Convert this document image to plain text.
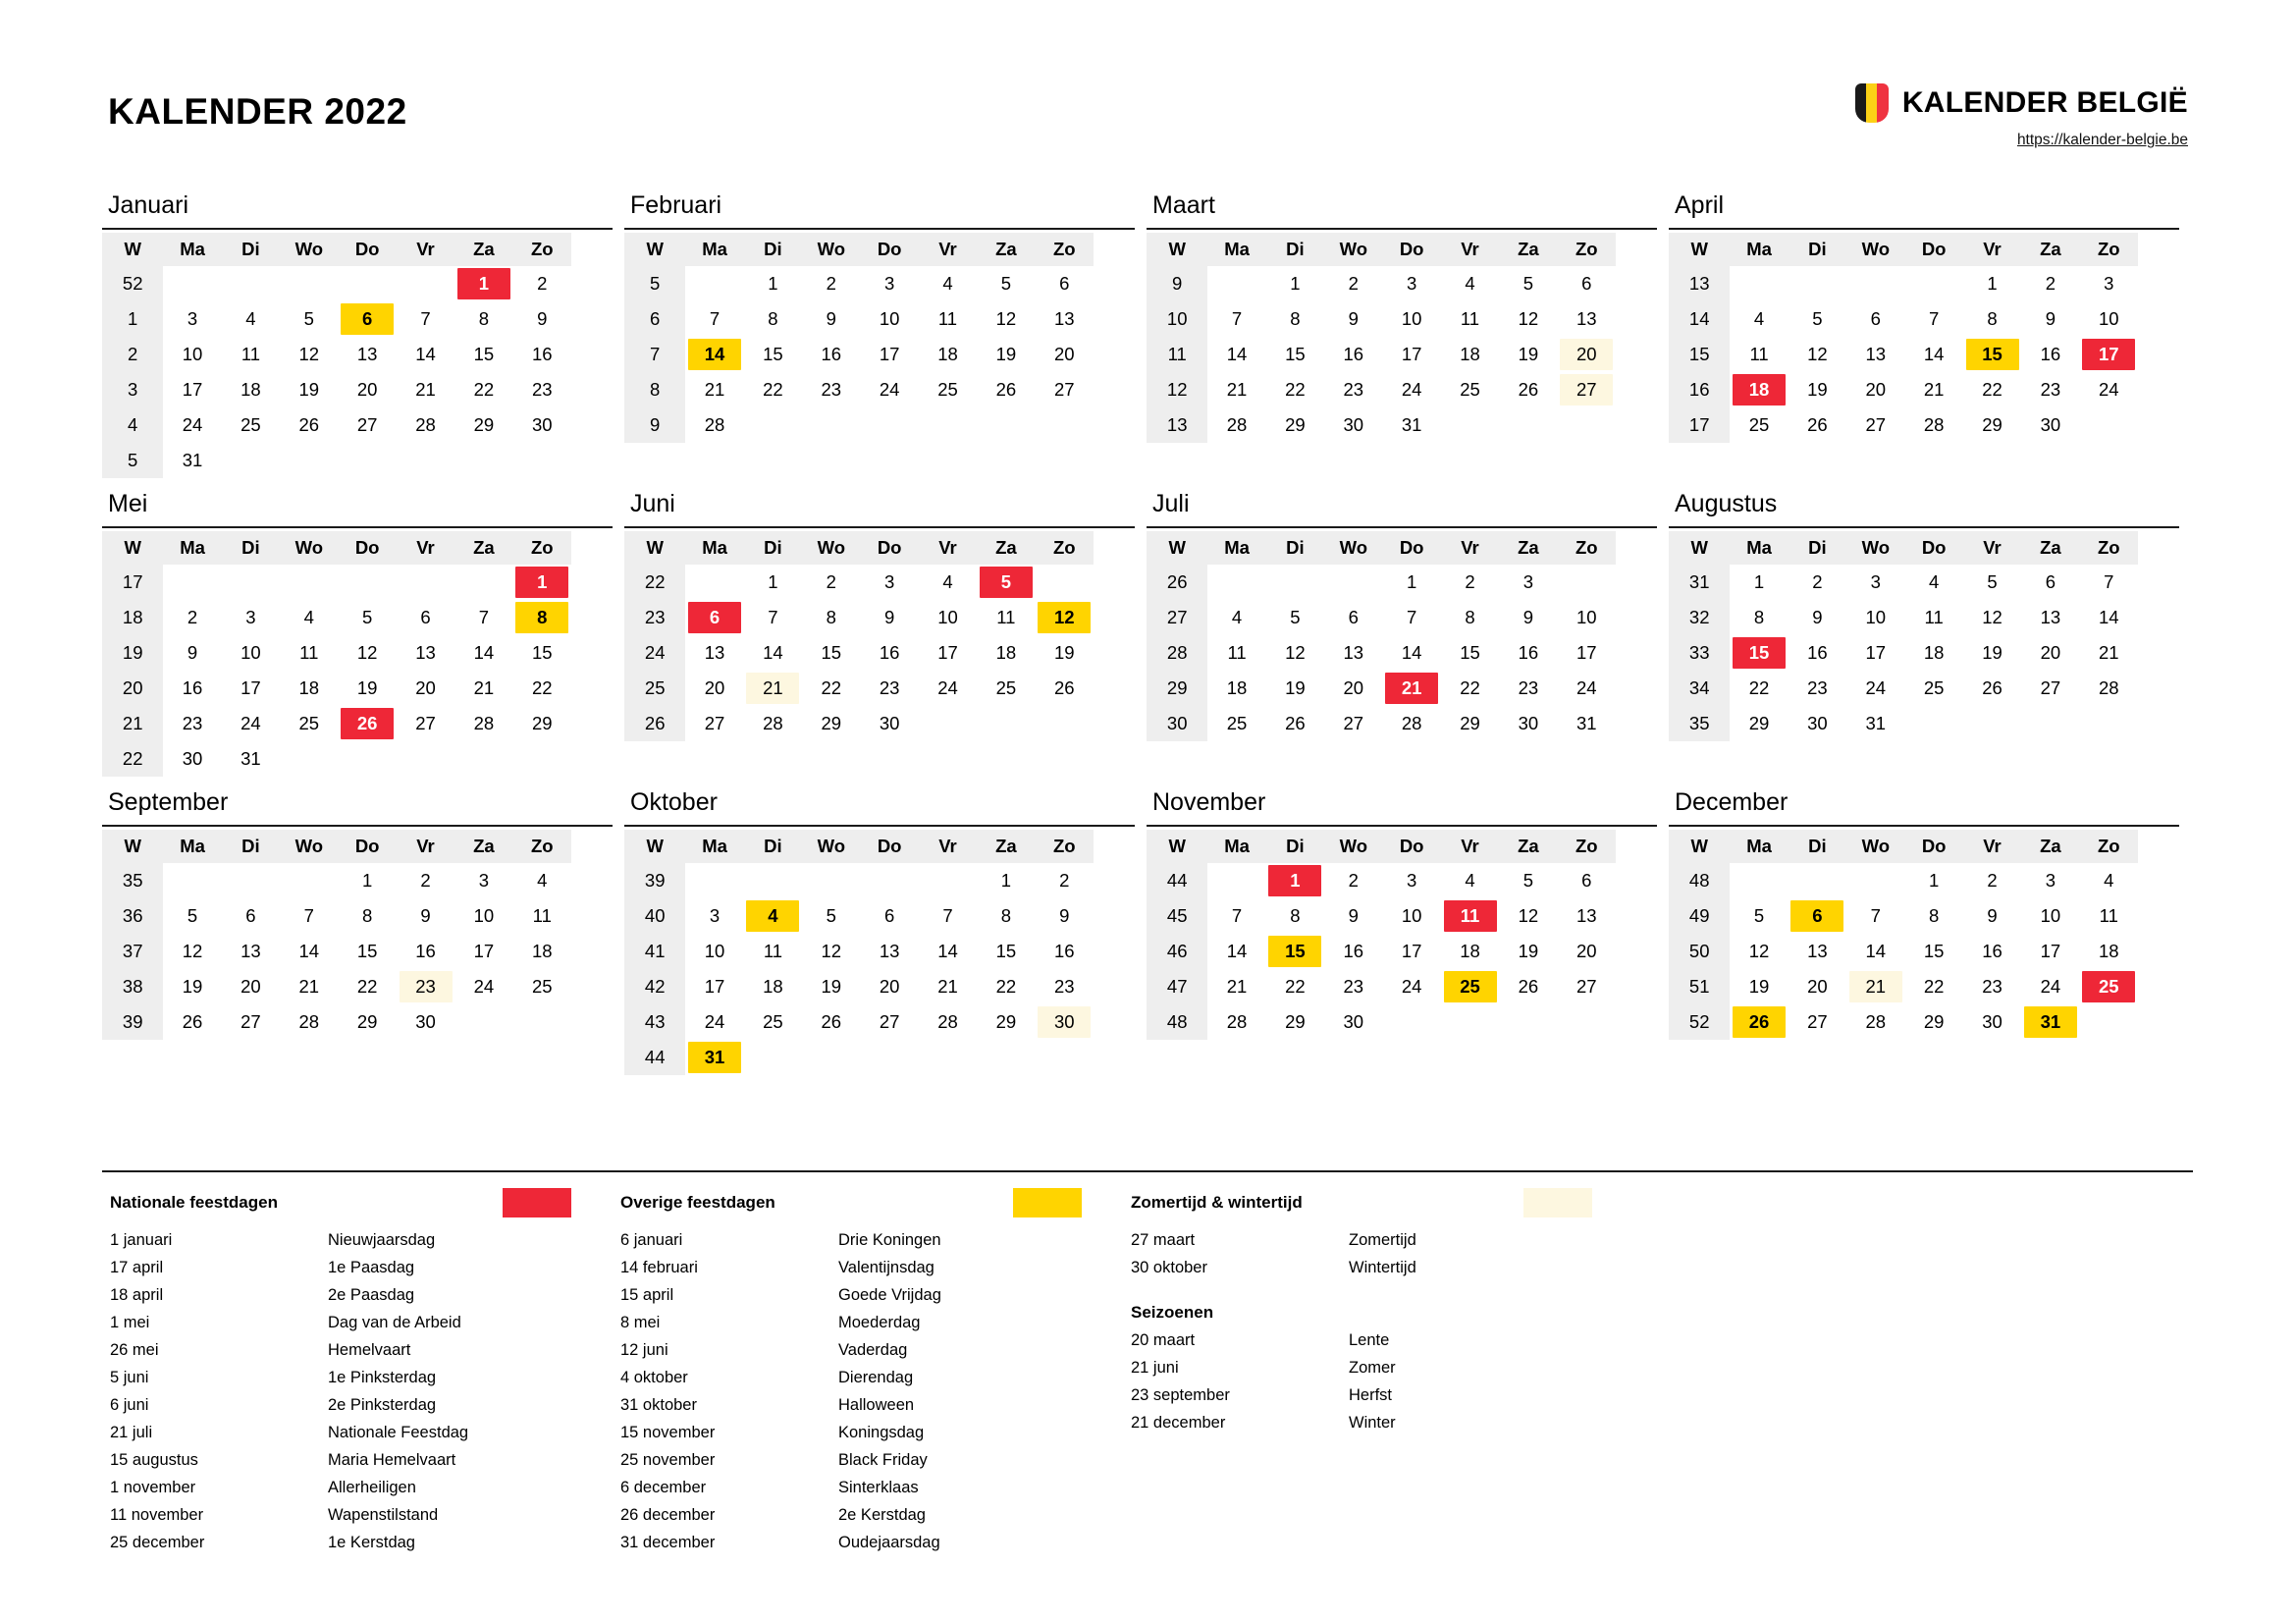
KALENDER 2022	KALENDER BELGIË
https://kalender-belgie.be
Januari
W	Ma	Di	Wo	Do	Vr	Za	Zo
52						1	2

1	3	4	5	6	7	8	9

2	10	11	12	13	14	15	16

3	17	18	19	20	21	22	23

4	24	25	26	27	28	29	30

5	31						

Februari
W	Ma	Di	Wo	Do	Vr	Za	Zo
5		1	2	3	4	5	6

6	7	8	9	10	11	12	13

7	14	15	16	17	18	19	20

8	21	22	23	24	25	26	27

9	28						

Maart
W	Ma	Di	Wo	Do	Vr	Za	Zo
9		1	2	3	4	5	6

10	7	8	9	10	11	12	13

11	14	15	16	17	18	19	20

12	21	22	23	24	25	26	27

13	28	29	30	31			

April
W	Ma	Di	Wo	Do	Vr	Za	Zo
13					1	2	3

14	4	5	6	7	8	9	10

15	11	12	13	14	15	16	17

16	18	19	20	21	22	23	24

17	25	26	27	28	29	30	

Mei
W	Ma	Di	Wo	Do	Vr	Za	Zo
17							1

18	2	3	4	5	6	7	8

19	9	10	11	12	13	14	15

20	16	17	18	19	20	21	22

21	23	24	25	26	27	28	29

22	30	31					

Juni
W	Ma	Di	Wo	Do	Vr	Za	Zo
22		1	2	3	4	5	

23	6	7	8	9	10	11	12

24	13	14	15	16	17	18	19

25	20	21	22	23	24	25	26

26	27	28	29	30			

Juli
W	Ma	Di	Wo	Do	Vr	Za	Zo
26				1	2	3	

27	4	5	6	7	8	9	10

28	11	12	13	14	15	16	17

29	18	19	20	21	22	23	24

30	25	26	27	28	29	30	31
Augustus
W	Ma	Di	Wo	Do	Vr	Za	Zo
31	1	2	3	4	5	6	7

32	8	9	10	11	12	13	14

33	15	16	17	18	19	20	21

34	22	23	24	25	26	27	28

35	29	30	31				

September
W	Ma	Di	Wo	Do	Vr	Za	Zo
35				1	2	3	4

36	5	6	7	8	9	10	11

37	12	13	14	15	16	17	18

38	19	20	21	22	23	24	25

39	26	27	28	29	30		

Oktober
W	Ma	Di	Wo	Do	Vr	Za	Zo
39						1	2

40	3	4	5	6	7	8	9

41	10	11	12	13	14	15	16

42	17	18	19	20	21	22	23

43	24	25	26	27	28	29	30

44	31						

November
W	Ma	Di	Wo	Do	Vr	Za	Zo
44		1	2	3	4	5	6

45	7	8	9	10	11	12	13

46	14	15	16	17	18	19	20

47	21	22	23	24	25	26	27

48	28	29	30				

December
W	Ma	Di	Wo	Do	Vr	Za	Zo
48				1	2	3	4

49	5	6	7	8	9	10	11

50	12	13	14	15	16	17	18

51	19	20	21	22	23	24	25

52	26	27	28	29	30	31	

Nationale feestdagen
1 januari	Nieuwjaarsdag
17 april	1e Paasdag
18 april	2e Paasdag
1 mei	Dag van de Arbeid
26 mei	Hemelvaart
5 juni	1e Pinksterdag
6 juni	2e Pinksterdag
21 juli	Nationale Feestdag
15 augustus	Maria Hemelvaart
1 november	Allerheiligen
11 november	Wapenstilstand
25 december	1e Kerstdag
Overige feestdagen
6 januari	Drie Koningen
14 februari	Valentijnsdag
15 april	Goede Vrijdag
8 mei	Moederdag
12 juni	Vaderdag
4 oktober	Dierendag
31 oktober	Halloween
15 november	Koningsdag
25 november	Black Friday
6 december	Sinterklaas
26 december	2e Kerstdag
31 december	Oudejaarsdag
Zomertijd & wintertijd
27 maart	Zomertijd
30 oktober	Wintertijd
Seizoenen
20 maart	Lente
21 juni	Zomer
23 september	Herfst
21 december	Winter
